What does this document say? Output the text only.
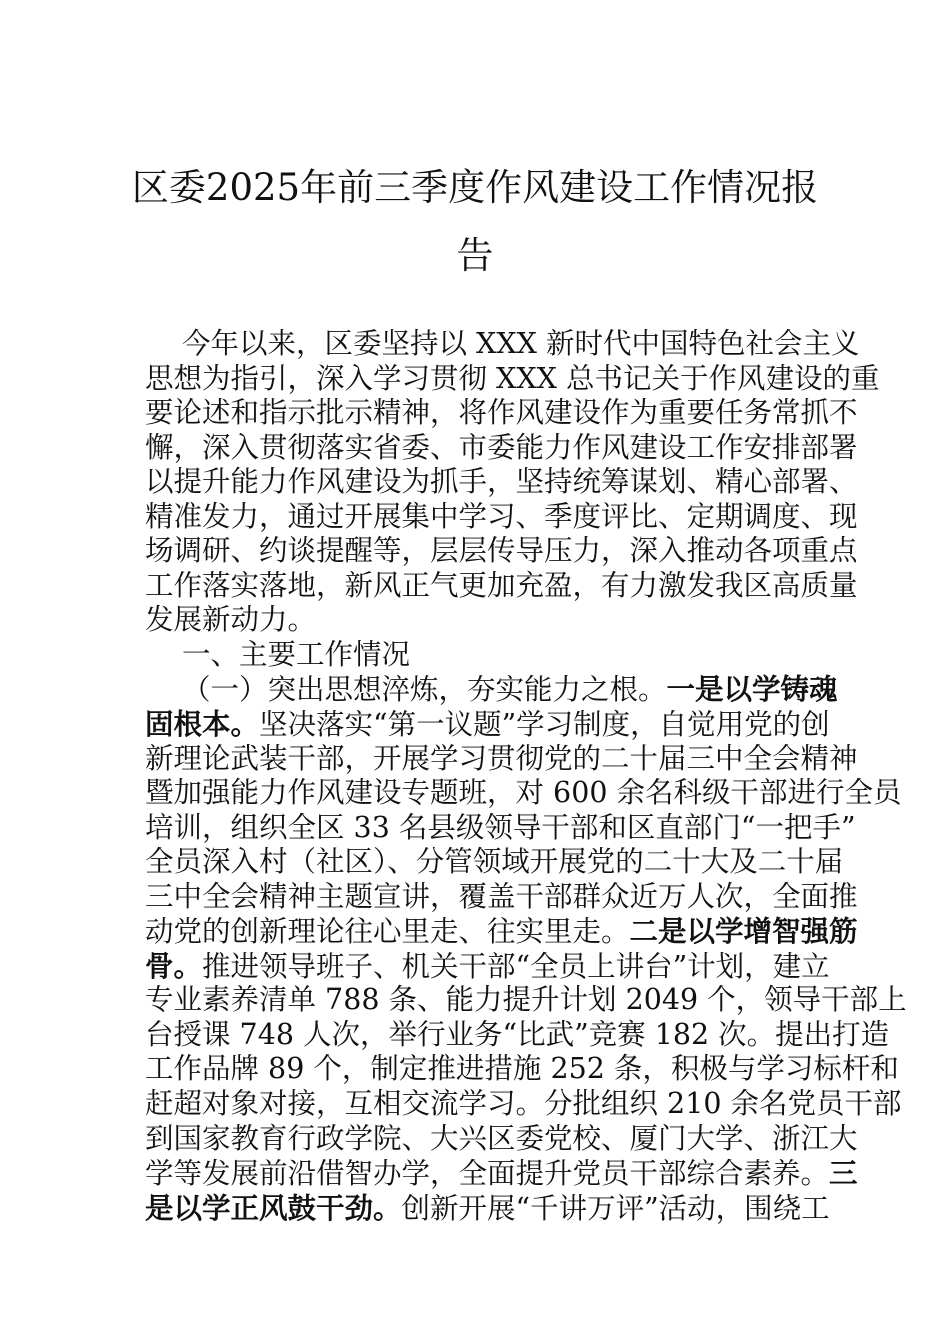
区委2025年前三季度作风建设工作情况报
告
今年以来，区委坚持以 XXX 新时代中国特色社会主义
思想为指引，深入学习贯彻 XXX 总书记关于作风建设的重
要论述和指示批示精神，将作风建设作为重要任务常抓不
懈，深入贯彻落实省委、市委能力作风建设工作安排部署
以提升能力作风建设为抓手，坚持统筹谋划、精心部署、
精准发力，通过开展集中学习、季度评比、定期调度、现
场调研、约谈提醒等，层层传导压力，深入推动各项重点
工作落实落地，新风正气更加充盈，有力激发我区高质量
发展新动力。
一、主要工作情况
（一）突出思想淬炼，夯实能力之根。一是以学铸魂
固根本。坚决落实“第一议题”学习制度，自觉用党的创
新理论武装干部，开展学习贯彻党的二十届三中全会精神
暨加强能力作风建设专题班，对 600 余名科级干部进行全员
培训，组织全区 33 名县级领导干部和区直部门“一把手”
全员深入村（社区）、分管领域开展党的二十大及二十届
三中全会精神主题宣讲，覆盖干部群众近万人次，全面推
动党的创新理论往心里走、往实里走。二是以学增智强筋
骨。推进领导班子、机关干部“全员上讲台”计划，建立
专业素养清单 788 条、能力提升计划 2049 个，领导干部上
台授课 748 人次，举行业务“比武”竞赛 182 次。提出打造
工作品牌 89 个，制定推进措施 252 条，积极与学习标杆和
赶超对象对接，互相交流学习。分批组织 210 余名党员干部
到国家教育行政学院、大兴区委党校、厦门大学、浙江大
学等发展前沿借智办学，全面提升党员干部综合素养。三
是以学正风鼓干劲。创新开展“千讲万评”活动，围绕工
